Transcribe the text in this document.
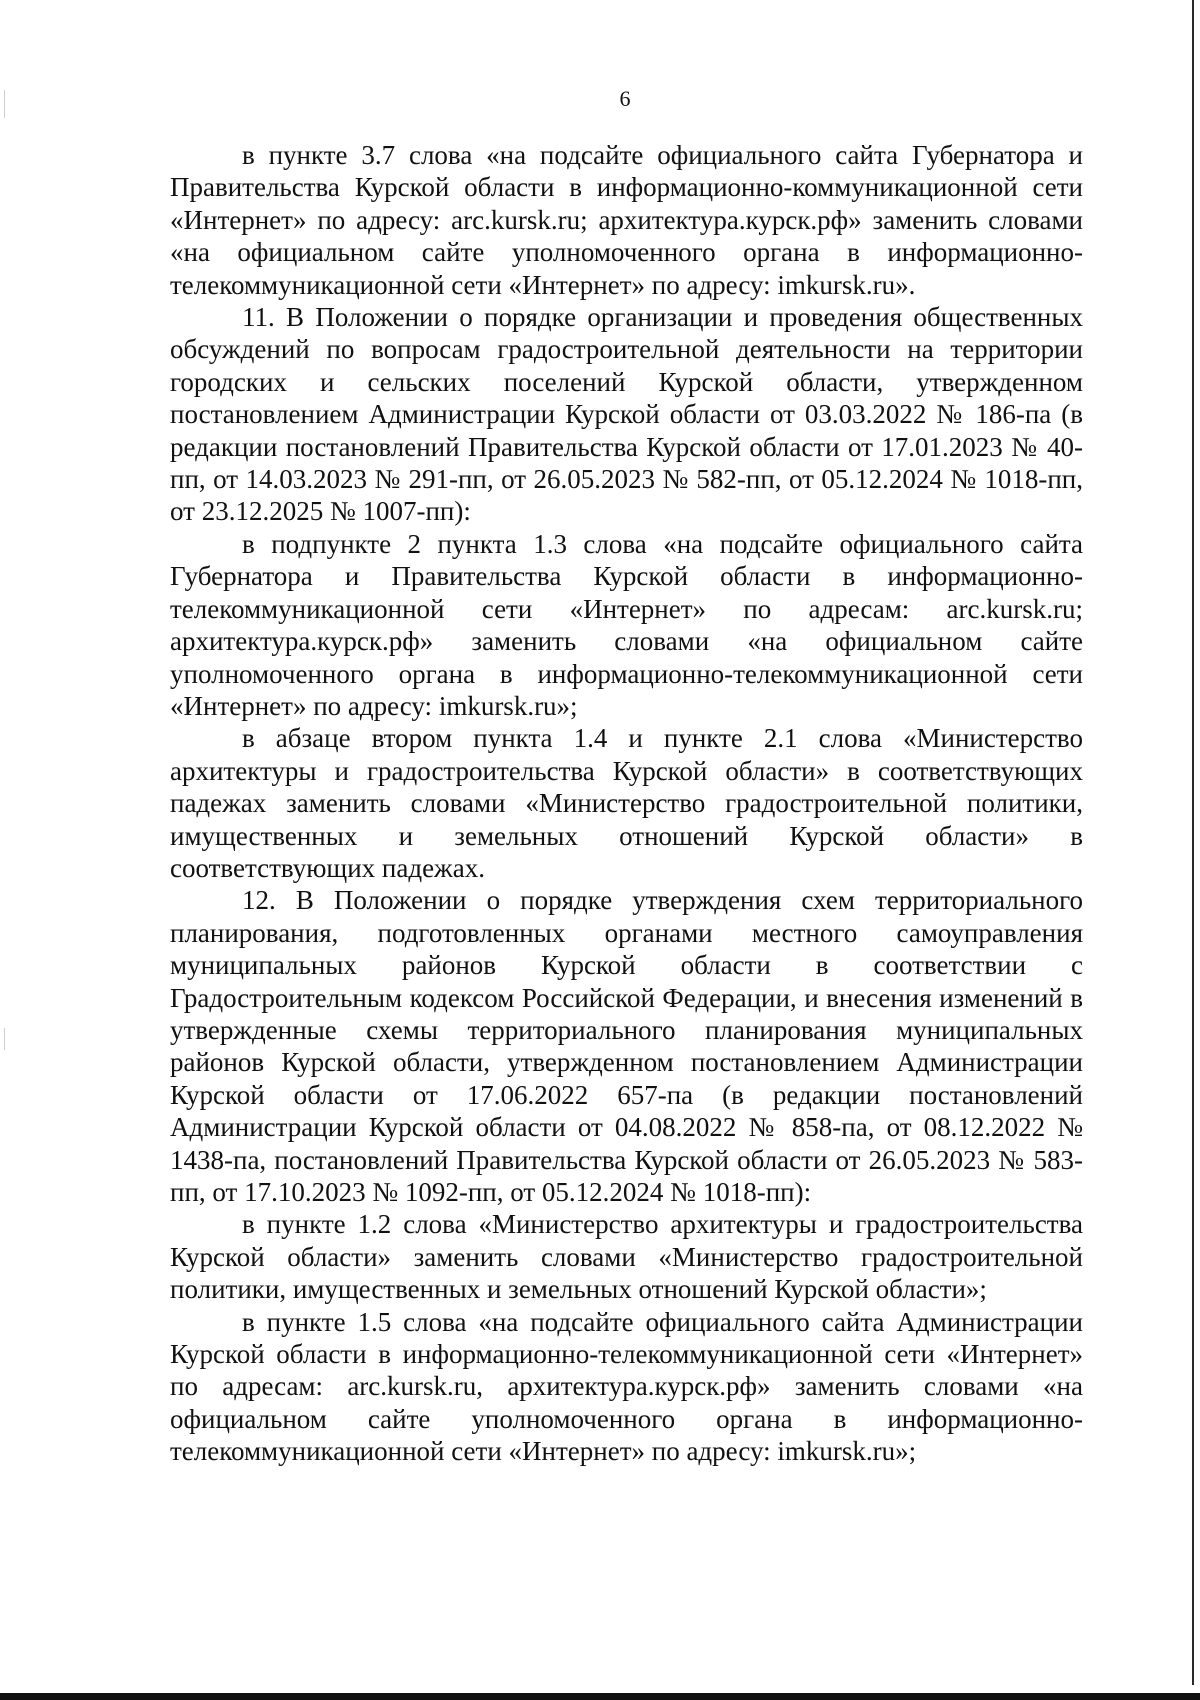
6

в пункте 3.7 слова «на подсайте официального сайта Губернатора и Правительства Курской области в информационно-коммуникационной сети «Интернет» по адресу: arc.kursk.ru; архитектура.курск.рф» заменить словами «на официальном сайте уполномоченного органа в информационно-телекоммуникационной сети «Интернет» по адресу: imkursk.ru».

11. В Положении о порядке организации и проведения общественных обсуждений по вопросам градостроительной деятельности на территории городских и сельских поселений Курской области, утвержденном постановлением Администрации Курской области от 03.03.2022 № 186-па (в редакции постановлений Правительства Курской области от 17.01.2023 № 40-пп, от 14.03.2023 № 291-пп, от 26.05.2023 № 582-пп, от 05.12.2024 № 1018-пп, от 23.12.2025 № 1007-пп):

в подпункте 2 пункта 1.3 слова «на подсайте официального сайта Губернатора и Правительства Курской области в информационно-телекоммуникационной сети «Интернет» по адресам: arc.kursk.ru; архитектура.курск.рф» заменить словами «на официальном сайте уполномоченного органа в информационно-телекоммуникационной сети «Интернет» по адресу: imkursk.ru»;

в абзаце втором пункта 1.4 и пункте 2.1 слова «Министерство архитектуры и градостроительства Курской области» в соответствующих падежах заменить словами «Министерство градостроительной политики, имущественных и земельных отношений Курской области» в соответствующих падежах.

12. В Положении о порядке утверждения схем территориального планирования, подготовленных органами местного самоуправления муниципальных районов Курской области в соответствии с Градостроительным кодексом Российской Федерации, и внесения изменений в утвержденные схемы территориального планирования муниципальных районов Курской области, утвержденном постановлением Администрации Курской области от 17.06.2022 657-па (в редакции постановлений Администрации Курской области от 04.08.2022 № 858-па, от 08.12.2022 № 1438-па, постановлений Правительства Курской области от 26.05.2023 № 583-пп, от 17.10.2023 № 1092-пп, от 05.12.2024 № 1018-пп):

в пункте 1.2 слова «Министерство архитектуры и градостроительства Курской области» заменить словами «Министерство градостроительной политики, имущественных и земельных отношений Курской области»;

в пункте 1.5 слова «на подсайте официального сайта Администрации Курской области в информационно-телекоммуникационной сети «Интернет» по адресам: arc.kursk.ru, архитектура.курск.рф» заменить словами «на официальном сайте уполномоченного органа в информационно-телекоммуникационной сети «Интернет» по адресу: imkursk.ru»;
